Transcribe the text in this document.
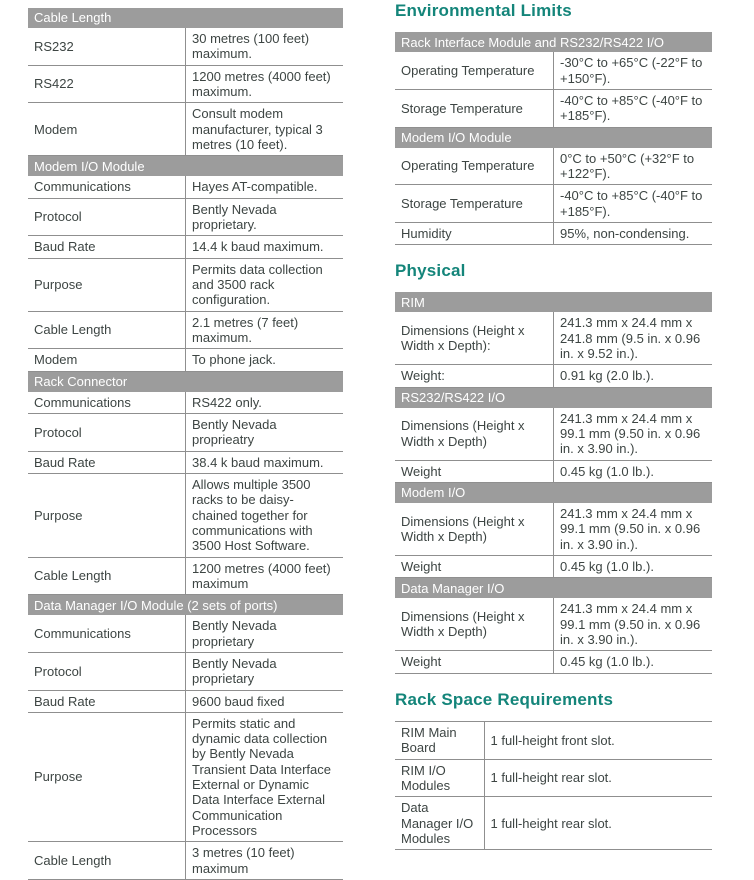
Cable Length	
RS232	30 metres (100 feet) maximum.
RS422	1200 metres (4000 feet) maximum.
Modem	Consult modem manufacturer, typical 3 metres (10 feet).
Modem I/O Module	
Communications	Hayes AT-compatible.
Protocol	Bently Nevada proprietary.
Baud Rate	14.4 k baud maximum.
Purpose	Permits data collection and 3500 rack configuration.
Cable Length	2.1 metres (7 feet) maximum.
Modem	To phone jack.
Rack Connector	
Communications	RS422 only.
Protocol	Bently Nevada proprieatry
Baud Rate	38.4 k baud maximum.
Purpose	Allows multiple 3500 racks to be daisy-chained together for communications with 3500 Host Software.
Cable Length	1200 metres (4000 feet) maximum
Data Manager I/O Module (2 sets of ports)	
Communications	Bently Nevada proprietary
Protocol	Bently Nevada proprietary
Baud Rate	9600 baud fixed
Purpose	Permits static and dynamic data collection by Bently Nevada Transient Data Interface External or Dynamic Data Interface External Communication Processors
Cable Length	3 metres (10 feet) maximum
Environmental Limits
Rack Interface Module and RS232/RS422 I/O	
Operating Temperature	-30°C to +65°C (-22°F to +150°F).
Storage Temperature	-40°C to +85°C (-40°F to +185°F).
Modem I/O Module	
Operating Temperature	0°C to +50°C (+32°F to +122°F).
Storage Temperature	-40°C to +85°C (-40°F to +185°F).
Humidity	95%, non-condensing.
Physical
RIM	
Dimensions (Height x Width x Depth):	241.3 mm x 24.4 mm x 241.8 mm (9.5 in. x 0.96 in. x 9.52 in.).
Weight:	0.91 kg (2.0 lb.).
RS232/RS422 I/O	
Dimensions (Height x Width x Depth)	241.3 mm x 24.4 mm x 99.1 mm (9.50 in. x 0.96 in. x 3.90 in.).
Weight	0.45 kg (1.0 lb.).
Modem I/O	
Dimensions (Height x Width x Depth)	241.3 mm x 24.4 mm x 99.1 mm (9.50 in. x 0.96 in. x 3.90 in.).
Weight	0.45 kg (1.0 lb.).
Data Manager I/O	
Dimensions (Height x Width x Depth)	241.3 mm x 24.4 mm x 99.1 mm (9.50 in. x 0.96 in. x 3.90 in.).
Weight	0.45 kg (1.0 lb.).
Rack Space Requirements
RIM Main Board	1 full-height front slot.
RIM I/O Modules	1 full-height rear slot.
Data Manager I/O Modules	1 full-height rear slot.
